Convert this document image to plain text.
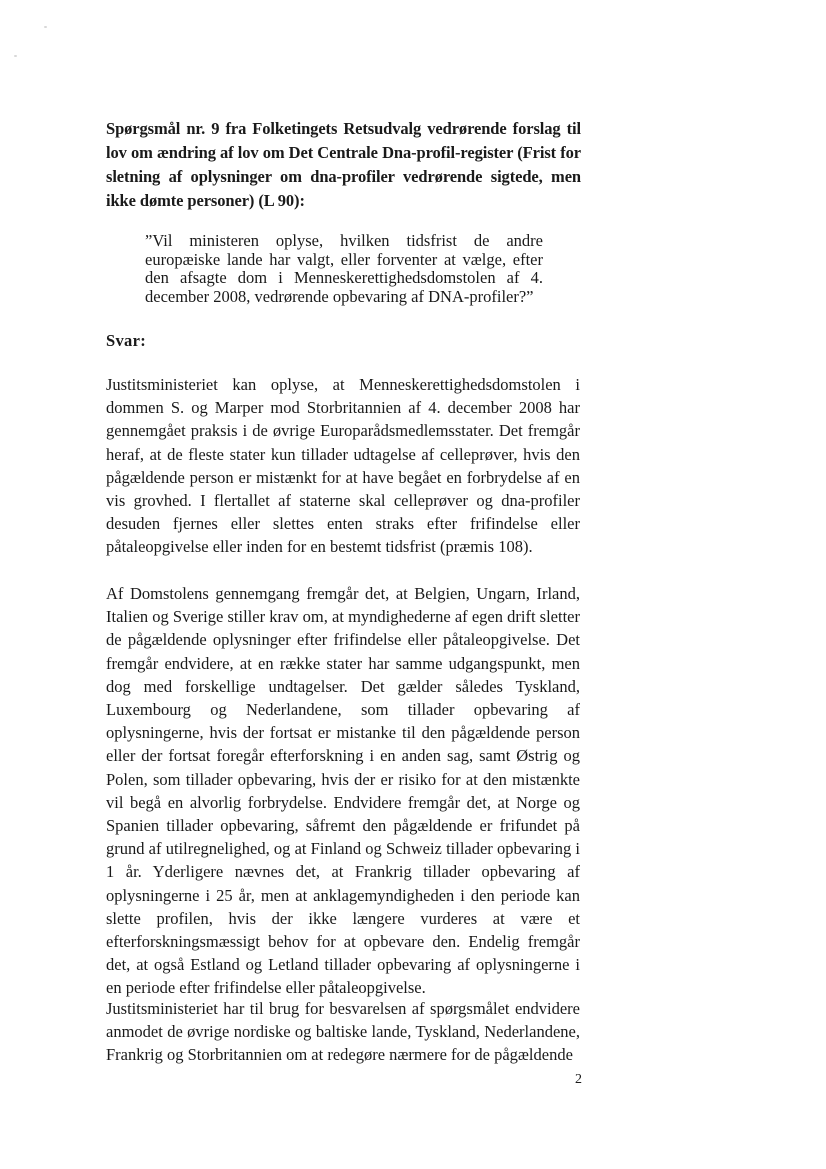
Spørgsmål nr. 9 fra Folketingets Retsudvalg vedrørende forslag til lov om ændring af lov om Det Centrale Dna-profil-register (Frist for sletning af oplysninger om dna-profiler vedrørende sigtede, men ikke dømte personer) (L 90):

”Vil ministeren oplyse, hvilken tidsfrist de andre europæiske lande har valgt, eller forventer at vælge, efter den afsagte dom i Menneskerettighedsdomstolen af 4. december 2008, vedrørende opbevaring af DNA-profiler?”

Svar:

Justitsministeriet kan oplyse, at Menneskerettighedsdomstolen i dommen S. og Marper mod Storbritannien af 4. december 2008 har gennemgået praksis i de øvrige Europarådsmedlemsstater. Det fremgår heraf, at de fleste stater kun tillader udtagelse af celleprøver, hvis den pågældende person er mistænkt for at have begået en forbrydelse af en vis grovhed. I flertallet af staterne skal celleprøver og dna-profiler desuden fjernes eller slettes enten straks efter frifindelse eller påtaleopgivelse eller inden for en bestemt tidsfrist (præmis 108).

Af Domstolens gennemgang fremgår det, at Belgien, Ungarn, Irland, Italien og Sverige stiller krav om, at myndighederne af egen drift sletter de pågældende oplysninger efter frifindelse eller påtaleopgivelse. Det fremgår endvidere, at en række stater har samme udgangspunkt, men dog med forskellige undtagelser. Det gælder således Tyskland, Luxembourg og Nederlandene, som tillader opbevaring af oplysningerne, hvis der fortsat er mistanke til den pågældende person eller der fortsat foregår efterforskning i en anden sag, samt Østrig og Polen, som tillader opbevaring, hvis der er risiko for at den mistænkte vil begå en alvorlig forbrydelse. Endvidere fremgår det, at Norge og Spanien tillader opbevaring, såfremt den pågældende er frifundet på grund af utilregnelighed, og at Finland og Schweiz tillader opbevaring i 1 år. Yderligere nævnes det, at Frankrig tillader opbevaring af oplysningerne i 25 år, men at anklagemyndigheden i den periode kan slette profilen, hvis der ikke længere vurderes at være et efterforskningsmæssigt behov for at opbevare den. Endelig fremgår det, at også Estland og Letland tillader opbevaring af oplysningerne i en periode efter frifindelse eller påtaleopgivelse.

Justitsministeriet har til brug for besvarelsen af spørgsmålet endvidere anmodet de øvrige nordiske og baltiske lande, Tyskland, Nederlandene, Frankrig og Storbritannien om at redegøre nærmere for de pågældende

2
